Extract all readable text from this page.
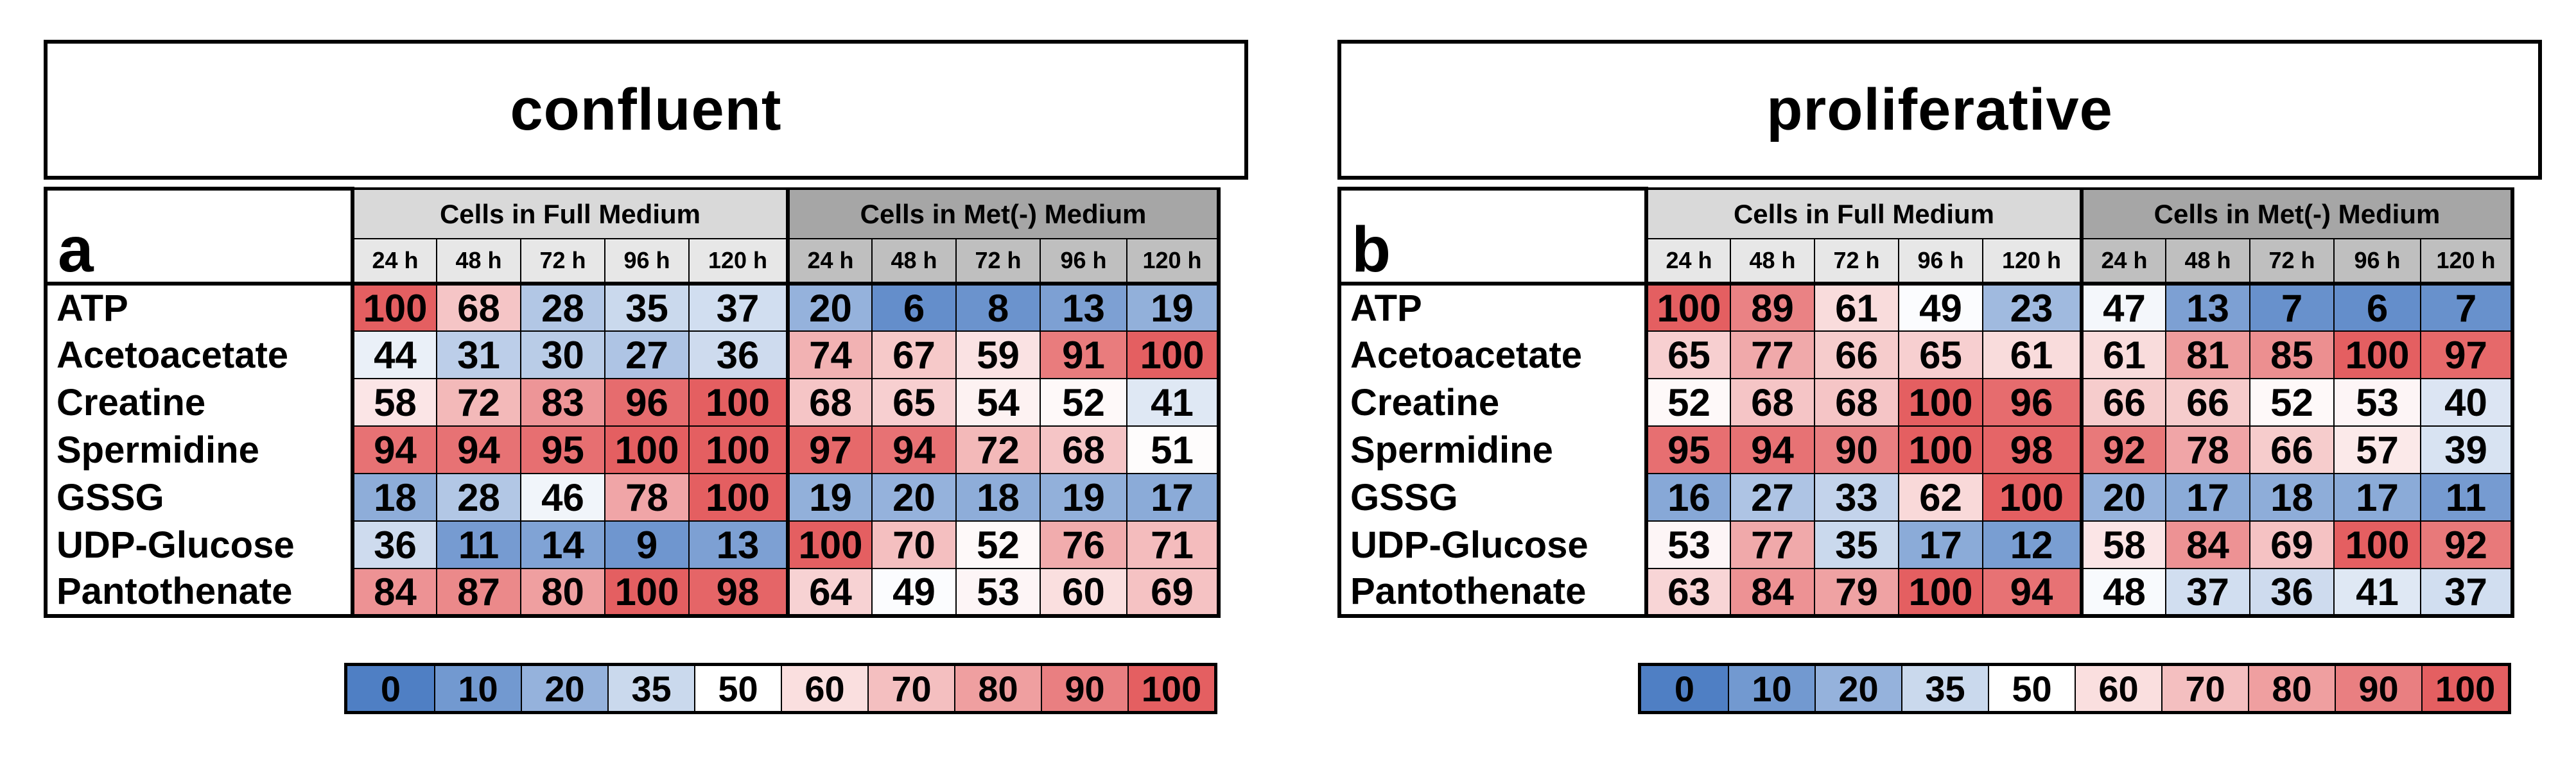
confluent
a	Cells in Full Medium					Cells in Met(-) Medium				
	24 h	48 h	72 h	96 h	120 h	24 h	48 h	72 h	96 h	120 h
ATP	100	68	28	35	37	20	6	8	13	19
Acetoacetate	44	31	30	27	36	74	67	59	91	100
Creatine	58	72	83	96	100	68	65	54	52	41
Spermidine	94	94	95	100	100	97	94	72	68	51
GSSG	18	28	46	78	100	19	20	18	19	17
UDP-Glucose	36	11	14	9	13	100	70	52	76	71
Pantothenate	84	87	80	100	98	64	49	53	60	69
0	10	20	35	50	60	70	80	90	100
proliferative
b	Cells in Full Medium					Cells in Met(-) Medium				
	24 h	48 h	72 h	96 h	120 h	24 h	48 h	72 h	96 h	120 h
ATP	100	89	61	49	23	47	13	7	6	7
Acetoacetate	65	77	66	65	61	61	81	85	100	97
Creatine	52	68	68	100	96	66	66	52	53	40
Spermidine	95	94	90	100	98	92	78	66	57	39
GSSG	16	27	33	62	100	20	17	18	17	11
UDP-Glucose	53	77	35	17	12	58	84	69	100	92
Pantothenate	63	84	79	100	94	48	37	36	41	37
0	10	20	35	50	60	70	80	90	100
